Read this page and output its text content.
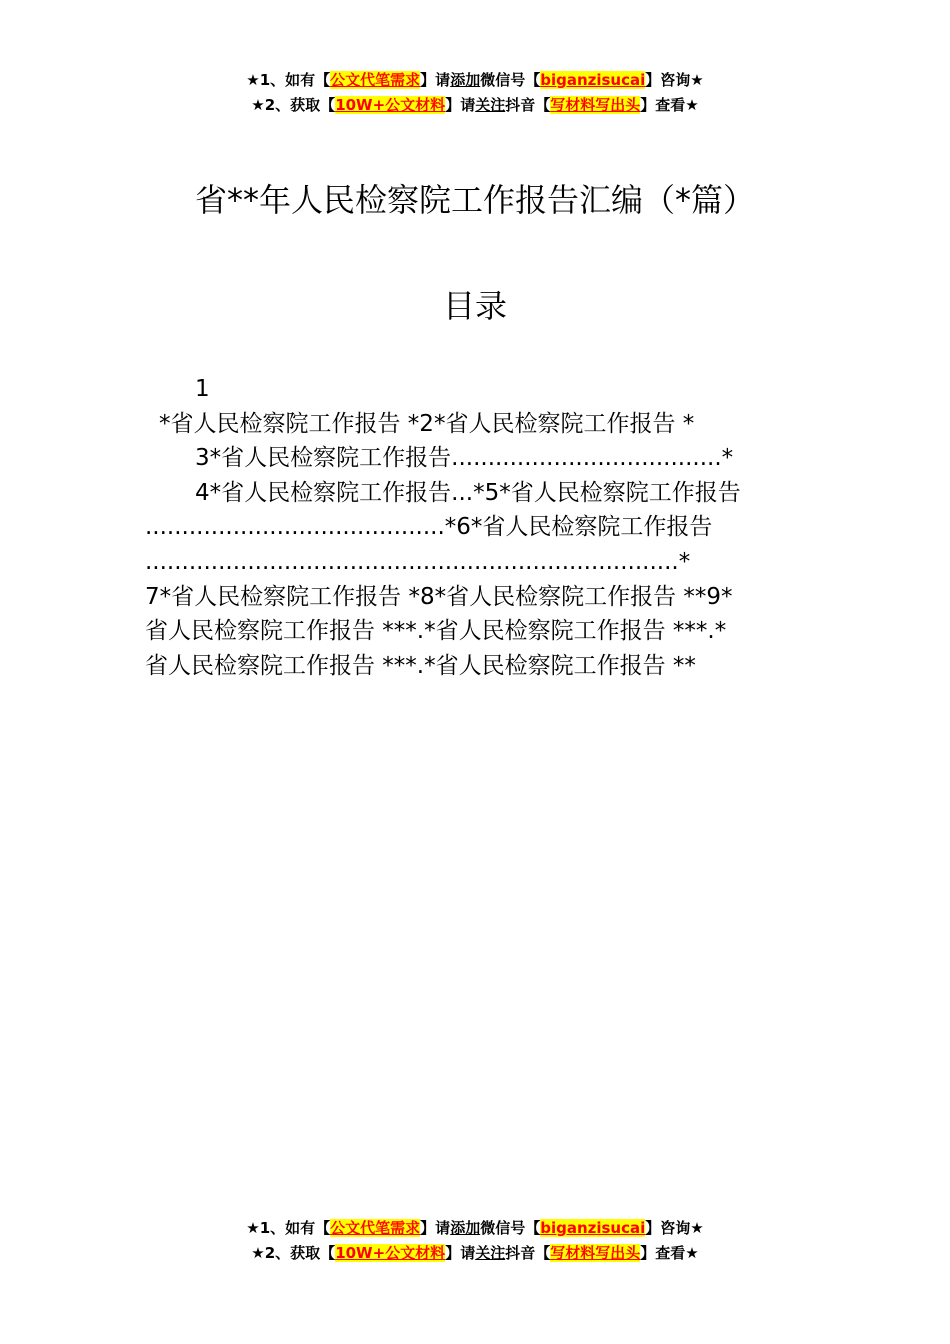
★1、如有【公文代笔需求】请添加微信号【biganzisucai】咨询★
★2、获取【10W+公文材料】请关注抖音【写材料写出头】查看★
省**年人民检察院工作报告汇编（*篇）
目录
1
*省人民检察院工作报告 *2*省人民检察院工作报告 *
3*省人民检察院工作报告.....................................*
4*省人民检察院工作报告...*5*省人民检察院工作报告
.........................................*6*省人民检察院工作报告
.........................................................................*
7*省人民检察院工作报告 *8*省人民检察院工作报告 **9*
省人民检察院工作报告 ***.*省人民检察院工作报告 ***.*
省人民检察院工作报告 ***.*省人民检察院工作报告 **
★1、如有【公文代笔需求】请添加微信号【biganzisucai】咨询★
★2、获取【10W+公文材料】请关注抖音【写材料写出头】查看★
